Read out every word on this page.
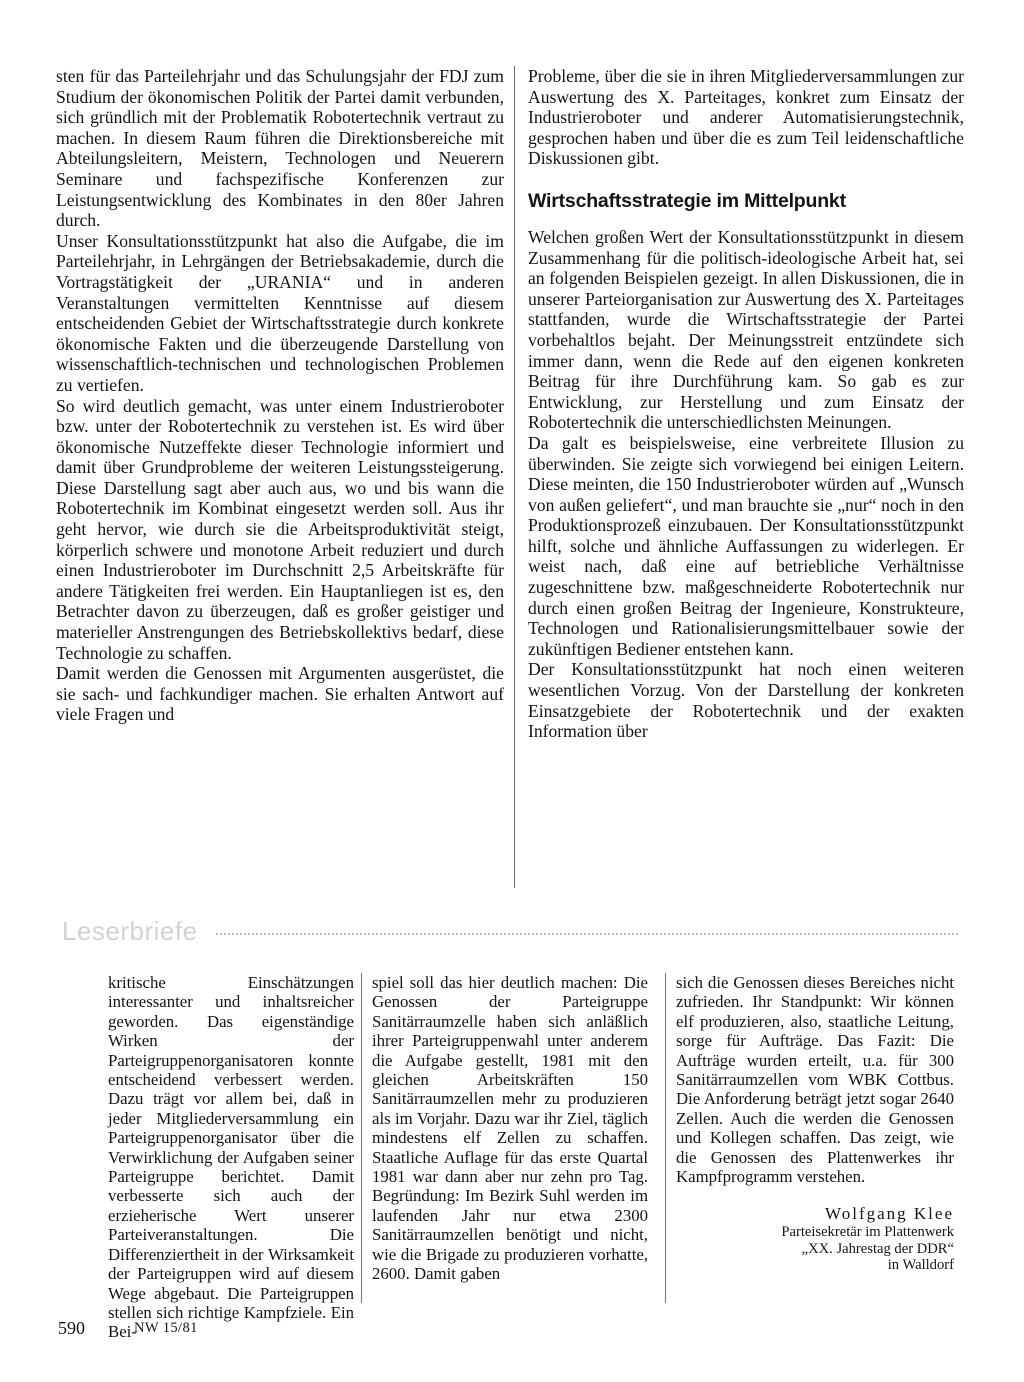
sten für das Parteilehrjahr und das Schulungsjahr der FDJ zum Studium der ökonomischen Politik der Partei damit verbunden, sich gründlich mit der Problematik Robotertechnik vertraut zu machen. In diesem Raum führen die Direktionsbereiche mit Abteilungsleitern, Meistern, Technologen und Neuerern Seminare und fachspezifische Konferenzen zur Leistungsentwicklung des Kombinates in den 80er Jahren durch.

Unser Konsultationsstützpunkt hat also die Aufgabe, die im Parteilehrjahr, in Lehrgängen der Betriebsakademie, durch die Vortragstätigkeit der „URANIA“ und in anderen Veranstaltungen vermittelten Kenntnisse auf diesem entscheidenden Gebiet der Wirtschaftsstrategie durch konkrete ökonomische Fakten und die überzeugende Darstellung von wissenschaftlich-technischen und technologischen Problemen zu vertiefen.

So wird deutlich gemacht, was unter einem Industrieroboter bzw. unter der Robotertechnik zu verstehen ist. Es wird über ökonomische Nutzeffekte dieser Technologie informiert und damit über Grundprobleme der weiteren Leistungssteigerung. Diese Darstellung sagt aber auch aus, wo und bis wann die Robotertechnik im Kombinat eingesetzt werden soll. Aus ihr geht hervor, wie durch sie die Arbeitsproduktivität steigt, körperlich schwere und monotone Arbeit reduziert und durch einen Industrieroboter im Durchschnitt 2,5 Arbeitskräfte für andere Tätigkeiten frei werden. Ein Hauptanliegen ist es, den Betrachter davon zu überzeugen, daß es großer geistiger und materieller Anstrengungen des Betriebskollektivs bedarf, diese Technologie zu schaffen.

Damit werden die Genossen mit Argumenten ausgerüstet, die sie sach- und fachkundiger machen. Sie erhalten Antwort auf viele Fragen und

Probleme, über die sie in ihren Mitgliederversammlungen zur Auswertung des X. Parteitages, konkret zum Einsatz der Industrieroboter und anderer Automatisierungstechnik, gesprochen haben und über die es zum Teil leidenschaftliche Diskussionen gibt.

Wirtschaftsstrategie im Mittelpunkt

Welchen großen Wert der Konsultationsstützpunkt in diesem Zusammenhang für die politisch-ideologische Arbeit hat, sei an folgenden Beispielen gezeigt. In allen Diskussionen, die in unserer Parteiorganisation zur Auswertung des X. Parteitages stattfanden, wurde die Wirtschaftsstrategie der Partei vorbehaltlos bejaht. Der Meinungsstreit entzündete sich immer dann, wenn die Rede auf den eigenen konkreten Beitrag für ihre Durchführung kam. So gab es zur Entwicklung, zur Herstellung und zum Einsatz der Robotertechnik die unterschiedlichsten Meinungen.

Da galt es beispielsweise, eine verbreitete Illusion zu überwinden. Sie zeigte sich vorwiegend bei einigen Leitern. Diese meinten, die 150 Industrieroboter würden auf „Wunsch von außen geliefert“, und man brauchte sie „nur“ noch in den Produktionsprozeß einzubauen. Der Konsultationsstützpunkt hilft, solche und ähnliche Auffassungen zu widerlegen. Er weist nach, daß eine auf betriebliche Verhältnisse zugeschnittene bzw. maßgeschneiderte Robotertechnik nur durch einen großen Beitrag der Ingenieure, Konstrukteure, Technologen und Rationalisierungsmittelbauer sowie der zukünftigen Bediener entstehen kann.

Der Konsultationsstützpunkt hat noch einen weiteren wesentlichen Vorzug. Von der Darstellung der konkreten Einsatzgebiete der Robotertechnik und der exakten Information über

Leserbriefe
kritische Einschätzungen interessanter und inhaltsreicher geworden. Das eigenständige Wirken der Parteigruppenorganisatoren konnte entscheidend verbessert werden. Dazu trägt vor allem bei, daß in jeder Mitgliederversammlung ein Parteigruppenorganisator über die Verwirklichung der Aufgaben seiner Parteigruppe berichtet. Damit verbesserte sich auch der erzieherische Wert unserer Parteiveranstaltungen. Die Differenziertheit in der Wirksamkeit der Parteigruppen wird auf diesem Wege abgebaut. Die Parteigruppen stellen sich richtige Kampfziele. Ein Bei-
spiel soll das hier deutlich machen: Die Genossen der Parteigruppe Sanitärraumzelle haben sich anläßlich ihrer Parteigruppenwahl unter anderem die Aufgabe gestellt, 1981 mit den gleichen Arbeitskräften 150 Sanitärraumzellen mehr zu produzieren als im Vorjahr. Dazu war ihr Ziel, täglich mindestens elf Zellen zu schaffen. Staatliche Auflage für das erste Quartal 1981 war dann aber nur zehn pro Tag. Begründung: Im Bezirk Suhl werden im laufenden Jahr nur etwa 2300 Sanitärraumzellen benötigt und nicht, wie die Brigade zu produzieren vorhatte, 2600. Damit gaben
sich die Genossen dieses Bereiches nicht zufrieden. Ihr Standpunkt: Wir können elf produzieren, also, staatliche Leitung, sorge für Aufträge. Das Fazit: Die Aufträge wurden erteilt, u.a. für 300 Sanitärraumzellen vom WBK Cottbus. Die Anforderung beträgt jetzt sogar 2640 Zellen. Auch die werden die Genossen und Kollegen schaffen. Das zeigt, wie die Genossen des Plattenwerkes ihr Kampfprogramm verstehen.
Wolfgang Klee
Parteisekretär im Plattenwerk
„XX. Jahrestag der DDR“
in Walldorf
590	NW 15/81
